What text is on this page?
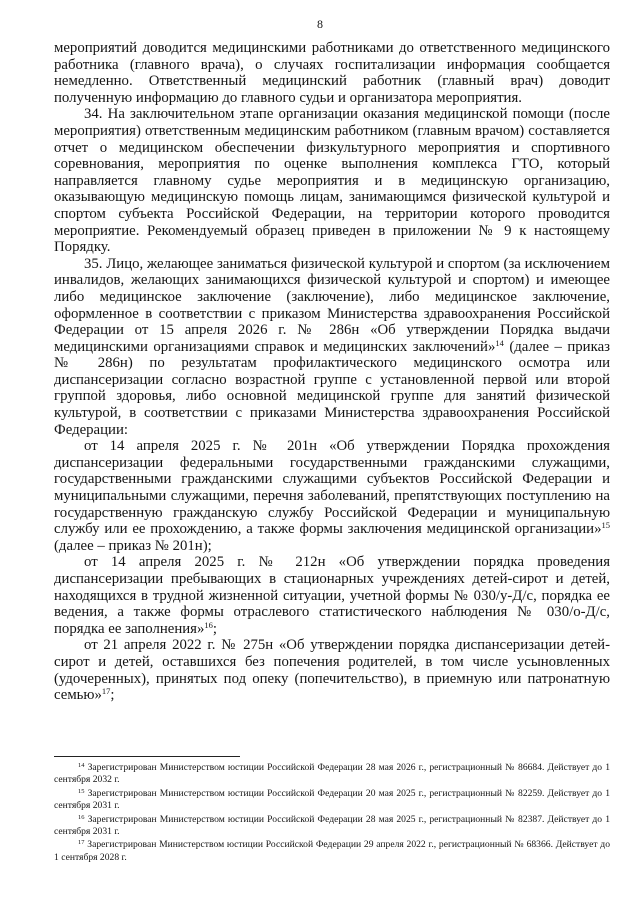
8

мероприятий доводится медицинскими работниками до ответственного медицинского работника (главного врача), о случаях госпитализации информация сообщается немедленно. Ответственный медицинский работник (главный врач) доводит полученную информацию до главного судьи и организатора мероприятия.

34. На заключительном этапе организации оказания медицинской помощи (после мероприятия) ответственным медицинским работником (главным врачом) составляется отчет о медицинском обеспечении физкультурного мероприятия и спортивного соревнования, мероприятия по оценке выполнения комплекса ГТО, который направляется главному судье мероприятия и в медицинскую организацию, оказывающую медицинскую помощь лицам, занимающимся физической культурой и спортом субъекта Российской Федерации, на территории которого проводится мероприятие. Рекомендуемый образец приведен в приложении № 9 к настоящему Порядку.

35. Лицо, желающее заниматься физической культурой и спортом (за исключением инвалидов, желающих занимающихся физической культурой и спортом) и имеющее либо медицинское заключение (заключение), либо медицинское заключение, оформленное в соответствии с приказом Министерства здравоохранения Российской Федерации от 15 апреля 2026 г. № 286н «Об утверждении Порядка выдачи медицинскими организациями справок и медицинских заключений»$^{14}$ (далее – приказ № 286н) по результатам профилактического медицинского осмотра или диспансеризации согласно возрастной группе с установленной первой или второй группой здоровья, либо основной медицинской группе для занятий физической культурой, в соответствии с приказами Министерства здравоохранения Российской Федерации:

от 14 апреля 2025 г. № 201н «Об утверждении Порядка прохождения диспансеризации федеральными государственными гражданскими служащими, государственными гражданскими служащими субъектов Российской Федерации и муниципальными служащими, перечня заболеваний, препятствующих поступлению на государственную гражданскую службу Российской Федерации и муниципальную службу или ее прохождению, а также формы заключения медицинской организации»$^{15}$ (далее – приказ № 201н);

от 14 апреля 2025 г. № 212н «Об утверждении порядка проведения диспансеризации пребывающих в стационарных учреждениях детей-сирот и детей, находящихся в трудной жизненной ситуации, учетной формы № 030/у-Д/с, порядка ее ведения, а также формы отраслевого статистического наблюдения № 030/о-Д/с, порядка ее заполнения»$^{16}$;

от 21 апреля 2022 г. № 275н «Об утверждении порядка диспансеризации детей-сирот и детей, оставшихся без попечения родителей, в том числе усыновленных (удочеренных), принятых под опеку (попечительство), в приемную или патронатную семью»$^{17}$;

$^{14}$ Зарегистрирован Министерством юстиции Российской Федерации 28 мая 2026 г., регистрационный № 86684. Действует до 1 сентября 2032 г.

$^{15}$ Зарегистрирован Министерством юстиции Российской Федерации 20 мая 2025 г., регистрационный № 82259. Действует до 1 сентября 2031 г.

$^{16}$ Зарегистрирован Министерством юстиции Российской Федерации 28 мая 2025 г., регистрационный № 82387. Действует до 1 сентября 2031 г.

$^{17}$ Зарегистрирован Министерством юстиции Российской Федерации 29 апреля 2022 г., регистрационный № 68366. Действует до 1 сентября 2028 г.
